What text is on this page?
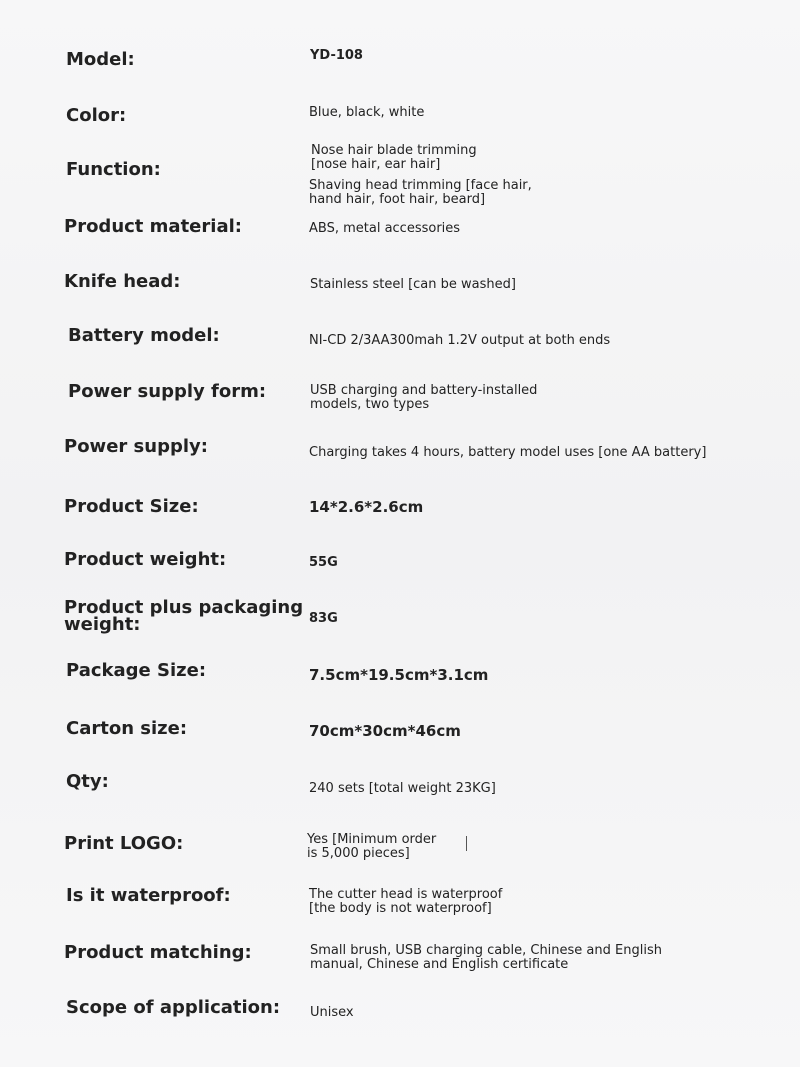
Model:	YD-108
Color:	Blue, black, white
Function:
Nose hair blade trimming
[nose hair, ear hair]
Shaving head trimming [face hair,
hand hair, foot hair, beard]
Product material:	ABS, metal accessories
Knife head:	Stainless steel [can be washed]
Battery model:	NI-CD 2/3AA300mah 1.2V output at both ends
Power supply form:	USB charging and battery-installed
models, two types
Power supply:	Charging takes 4 hours, battery model uses [one AA battery]
Product Size:	14*2.6*2.6cm
Product weight:	55G
Product plus packaging weight:	83G
Package Size:	7.5cm*19.5cm*3.1cm
Carton size:	70cm*30cm*46cm
Qty:	240 sets [total weight 23KG]
Print LOGO:	Yes [Minimum order
is 5,000 pieces]
Is it waterproof:	The cutter head is waterproof
[the body is not waterproof]
Product matching:	Small brush, USB charging cable, Chinese and English
manual, Chinese and English certificate
Scope of application: Unisex
